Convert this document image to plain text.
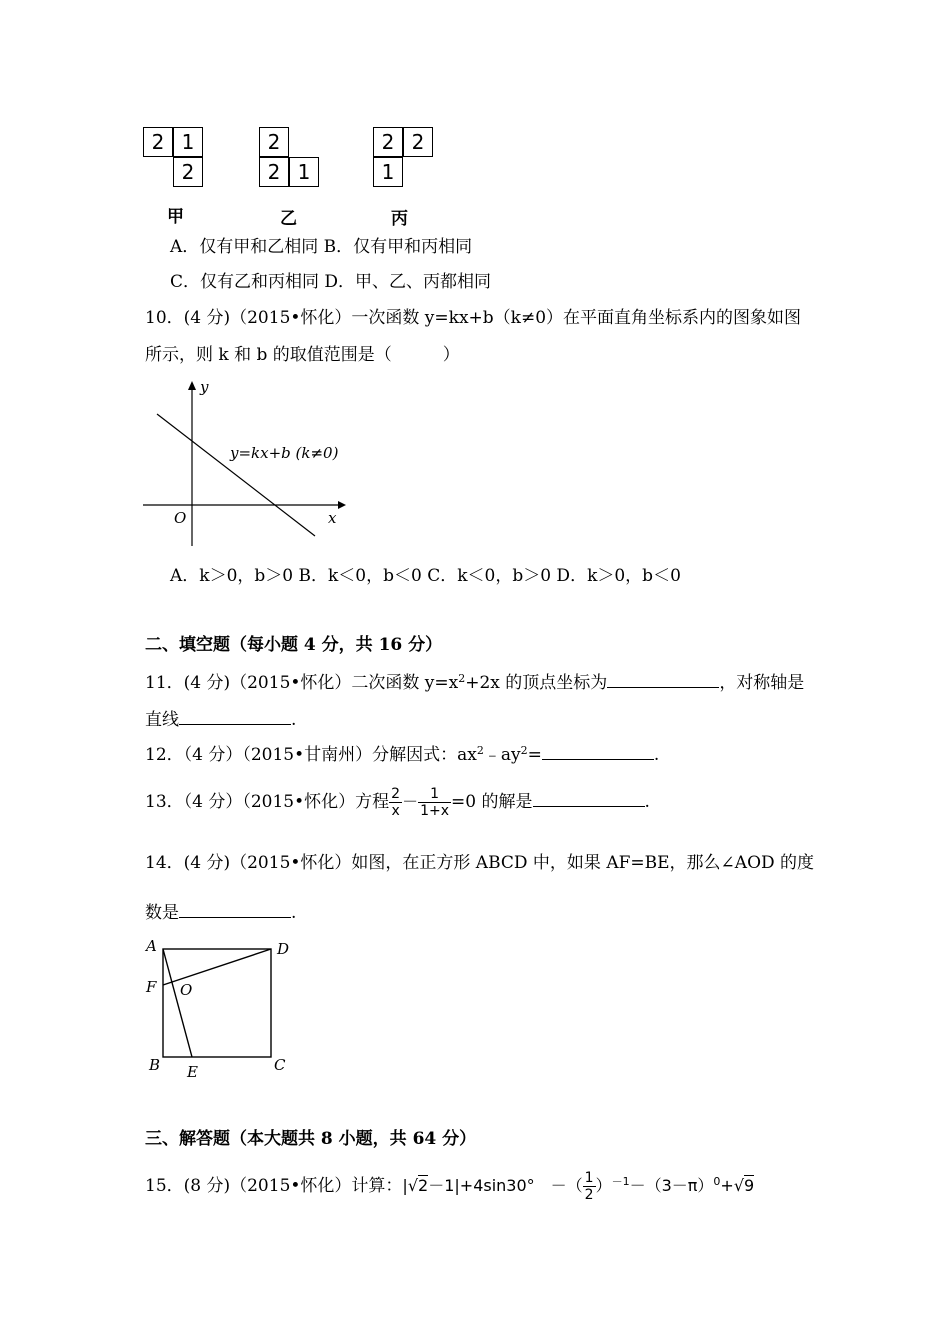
2 1
2
甲
2
2 1
乙
2 2
1
丙
A．仅有甲和乙相同 B．仅有甲和丙相同
C．仅有乙和丙相同 D．甲、乙、丙都相同
10．(4 分)（2015•怀化）一次函数 y=kx+b（k≠0）在平面直角坐标系内的图象如图
所示，则 k 和 b 的取值范围是（　　　）
y
x
O
y=kx+b (k≠0)
A．k＞0，b＞0 B．k＜0，b＜0 C．k＜0，b＞0 D．k＞0，b＜0
二、填空题（每小题 4 分，共 16 分）
11．(4 分)（2015•怀化）二次函数 $y=x^2+2x$ 的顶点坐标为	，对称轴是
直线	.
12．（4 分）（2015•甘南州）分解因式：$ax^2﹣ay^2=$	.
13．（4 分）（2015•怀化）方程 $\frac{2}{x} - \frac{1}{1+x} =0$ 的解是	.
14．(4 分)（2015•怀化）如图，在正方形 ABCD 中，如果 AF=BE，那么∠AOD 的度
数是	.
A	D
F O
B E	C
三、解答题（本大题共 8 小题，共 64 分）
15．(8 分)（2015•怀化）计算：|√2－1|+4sin30°　－（ $\frac{1}{2} )^{-1}-(3-\pi)^0+√9$
